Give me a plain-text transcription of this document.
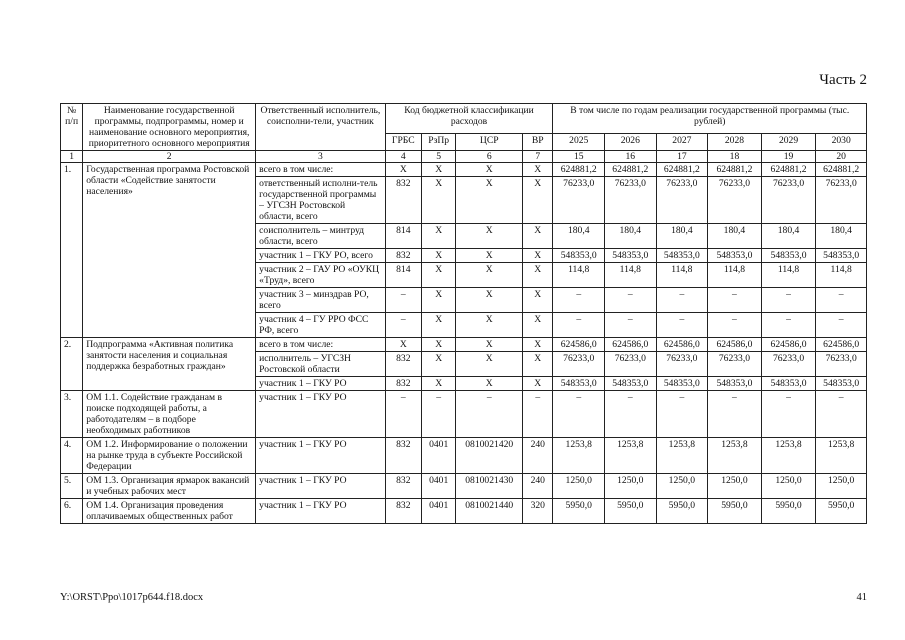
Часть 2
№ п/п	Наименование государственной программы, подпрограммы, номер и наименование основного мероприятия, приоритетного основного мероприятия	Ответственный исполнитель, соисполни-тели, участник	Код бюджетной классификации расходов				В том числе по годам реализации государственной программы (тыс. рублей)					
			ГРБС	РзПр	ЦСР	ВР	2025	2026	2027	2028	2029	2030
1	2	3	4	5	6	7	15	16	17	18	19	20
1.	Государственная программа Ростовской области «Содействие занятости населения»	всего в том числе:	X	X	X	X	624881,2	624881,2	624881,2	624881,2	624881,2	624881,2
		ответственный исполни-тель государственной программы – УГСЗН Ростовской области, всего	832	X	X	X	76233,0	76233,0	76233,0	76233,0	76233,0	76233,0
		соисполнитель – минтруд области, всего	814	X	X	X	180,4	180,4	180,4	180,4	180,4	180,4
		участник 1 – ГКУ РО, всего	832	X	X	X	548353,0	548353,0	548353,0	548353,0	548353,0	548353,0
		участник 2 – ГАУ РО «ОУКЦ «Труд», всего	814	X	X	X	114,8	114,8	114,8	114,8	114,8	114,8
		участник 3 – минздрав РО, всего	–	X	X	X	–	–	–	–	–	–
		участник 4 – ГУ РРО ФСС РФ, всего	–	X	X	X	–	–	–	–	–	–
2.	Подпрограмма «Активная политика занятости населения и социальная поддержка безработных граждан»	всего в том числе:	X	X	X	X	624586,0	624586,0	624586,0	624586,0	624586,0	624586,0
		исполнитель – УГСЗН Ростовской области	832	X	X	X	76233,0	76233,0	76233,0	76233,0	76233,0	76233,0
		участник 1 – ГКУ РО	832	X	X	X	548353,0	548353,0	548353,0	548353,0	548353,0	548353,0
3.	ОМ 1.1. Содействие гражданам в поиске подходящей работы, а работодателям – в подборе необходимых работников	участник 1 – ГКУ РО	–	–	–	–	–	–	–	–	–	–
4.	ОМ 1.2. Информирование о положении на рынке труда в субъекте Российской Федерации	участник 1 – ГКУ РО	832	0401	0810021420	240	1253,8	1253,8	1253,8	1253,8	1253,8	1253,8
5.	ОМ 1.3. Организация ярмарок вакансий и учебных рабочих мест	участник 1 – ГКУ РО	832	0401	0810021430	240	1250,0	1250,0	1250,0	1250,0	1250,0	1250,0
6.	ОМ 1.4. Организация проведения оплачиваемых общественных работ	участник 1 – ГКУ РО	832	0401	0810021440	320	5950,0	5950,0	5950,0	5950,0	5950,0	5950,0
Y:\ORST\Ppo\1017p644.f18.docx	41
